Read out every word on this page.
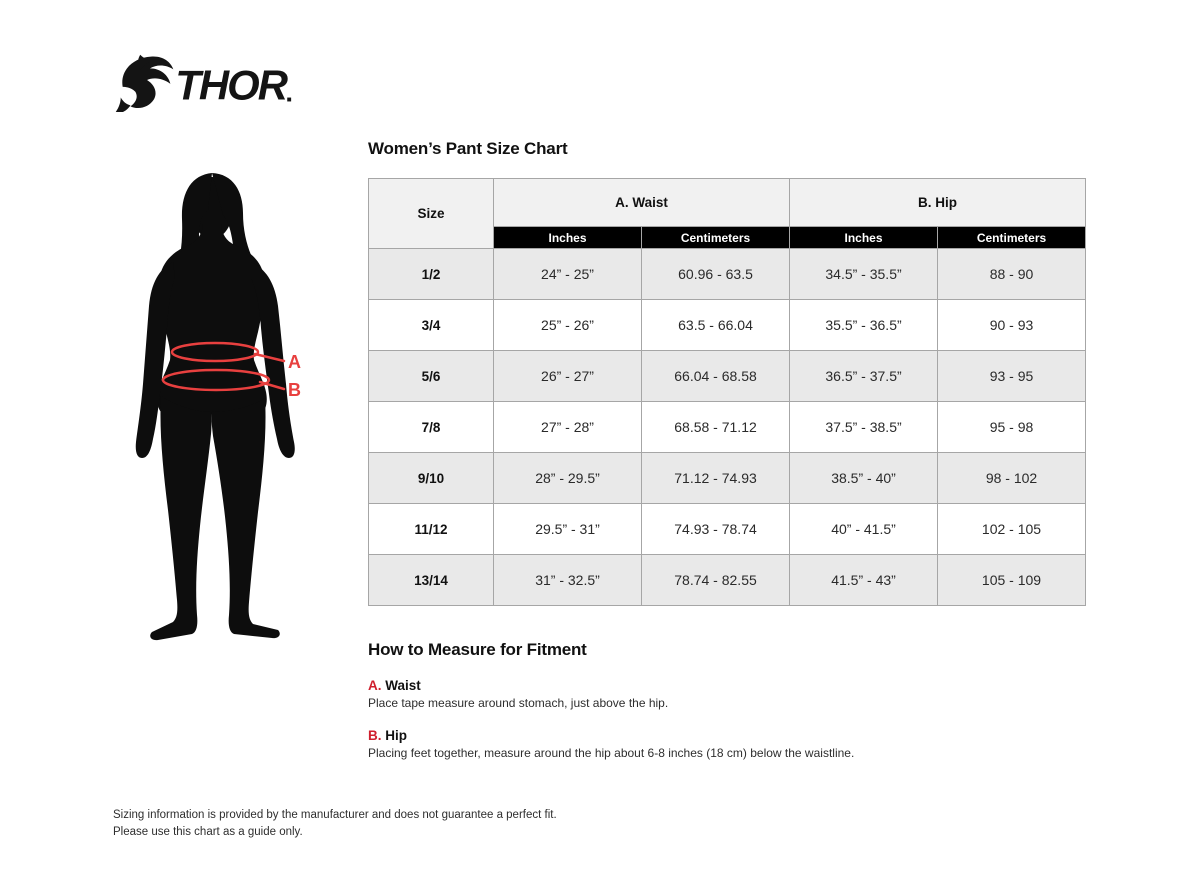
THOR
A
B
Women’s Pant Size Chart
Size	A. Waist		B. Hip	
	Inches	Centimeters	Inches	Centimeters
1/2	24” - 25”	60.96 - 63.5	34.5” - 35.5”	88 - 90
3/4	25” - 26”	63.5 - 66.04	35.5” - 36.5”	90 - 93
5/6	26” - 27”	66.04 - 68.58	36.5” - 37.5”	93 - 95
7/8	27” - 28”	68.58 - 71.12	37.5” - 38.5”	95 - 98
9/10	28” - 29.5”	71.12 - 74.93	38.5” - 40”	98 - 102
11/12	29.5” - 31”	74.93 - 78.74	40” - 41.5”	102 - 105
13/14	31” - 32.5”	78.74 - 82.55	41.5” - 43”	105 - 109
How to Measure for Fitment
A. Waist
Place tape measure around stomach, just above the hip.
B. Hip
Placing feet together, measure around the hip about 6-8 inches (18 cm) below the waistline.
Sizing information is provided by the manufacturer and does not guarantee a perfect fit.
Please use this chart as a guide only.
